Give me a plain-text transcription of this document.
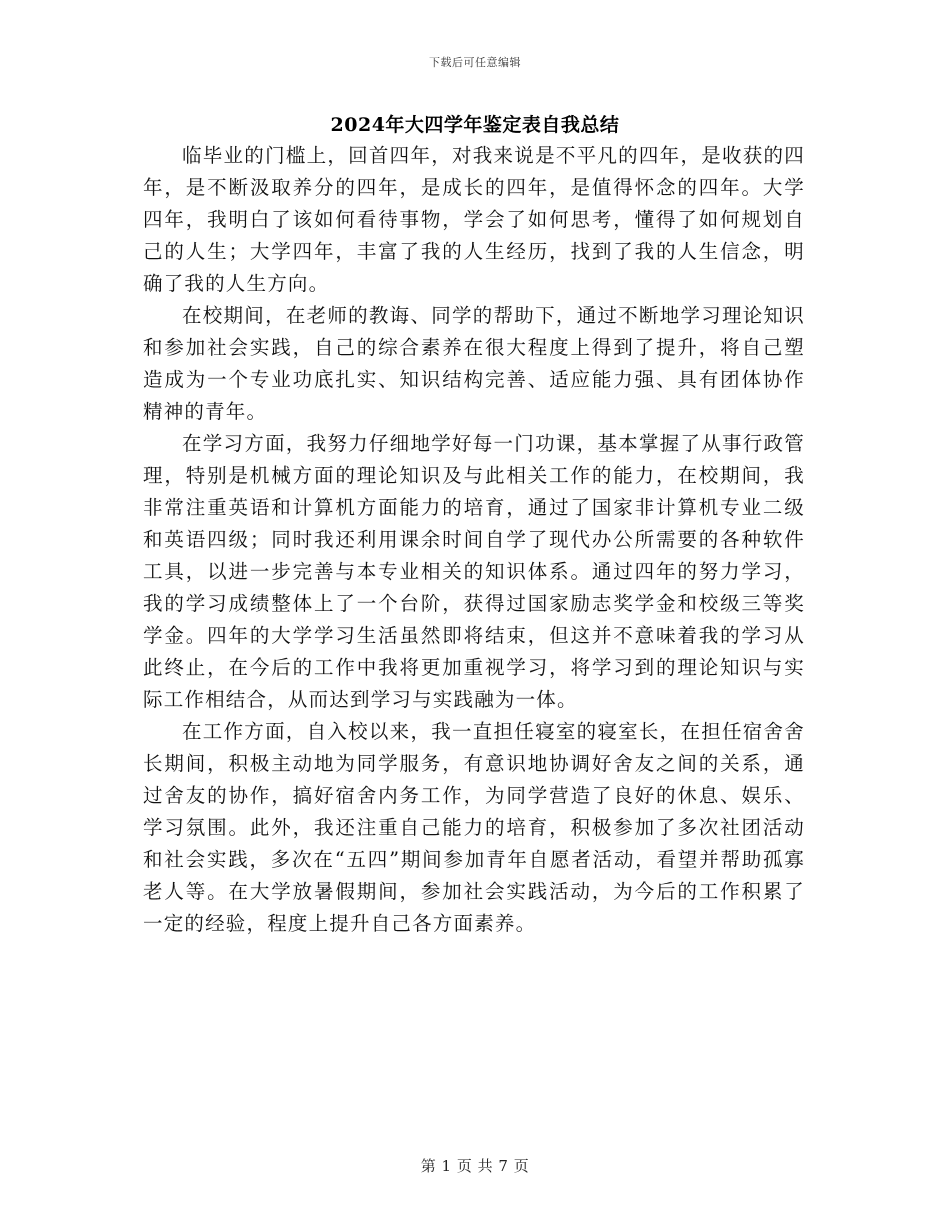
下载后可任意编辑
2024年大四学年鉴定表自我总结

临毕业的门槛上，回首四年，对我来说是不平凡的四年，是收获的四年，是不断汲取养分的四年，是成长的四年，是值得怀念的四年。大学四年，我明白了该如何看待事物，学会了如何思考，懂得了如何规划自己的人生；大学四年，丰富了我的人生经历，找到了我的人生信念，明确了我的人生方向。

在校期间，在老师的教诲、同学的帮助下，通过不断地学习理论知识和参加社会实践，自己的综合素养在很大程度上得到了提升，将自己塑造成为一个专业功底扎实、知识结构完善、适应能力强、具有团体协作精神的青年。

在学习方面，我努力仔细地学好每一门功课，基本掌握了从事行政管理，特别是机械方面的理论知识及与此相关工作的能力，在校期间，我非常注重英语和计算机方面能力的培育，通过了国家非计算机专业二级和英语四级；同时我还利用课余时间自学了现代办公所需要的各种软件工具，以进一步完善与本专业相关的知识体系。通过四年的努力学习，我的学习成绩整体上了一个台阶，获得过国家励志奖学金和校级三等奖学金。四年的大学学习生活虽然即将结束，但这并不意味着我的学习从此终止，在今后的工作中我将更加重视学习，将学习到的理论知识与实际工作相结合，从而达到学习与实践融为一体。

在工作方面，自入校以来，我一直担任寝室的寝室长，在担任宿舍舍长期间，积极主动地为同学服务，有意识地协调好舍友之间的关系，通过舍友的协作，搞好宿舍内务工作，为同学营造了良好的休息、娱乐、学习氛围。此外，我还注重自己能力的培育，积极参加了多次社团活动和社会实践，多次在“五四”期间参加青年自愿者活动，看望并帮助孤寡老人等。在大学放暑假期间，参加社会实践活动，为今后的工作积累了一定的经验，程度上提升自己各方面素养。

第 1 页 共 7 页
